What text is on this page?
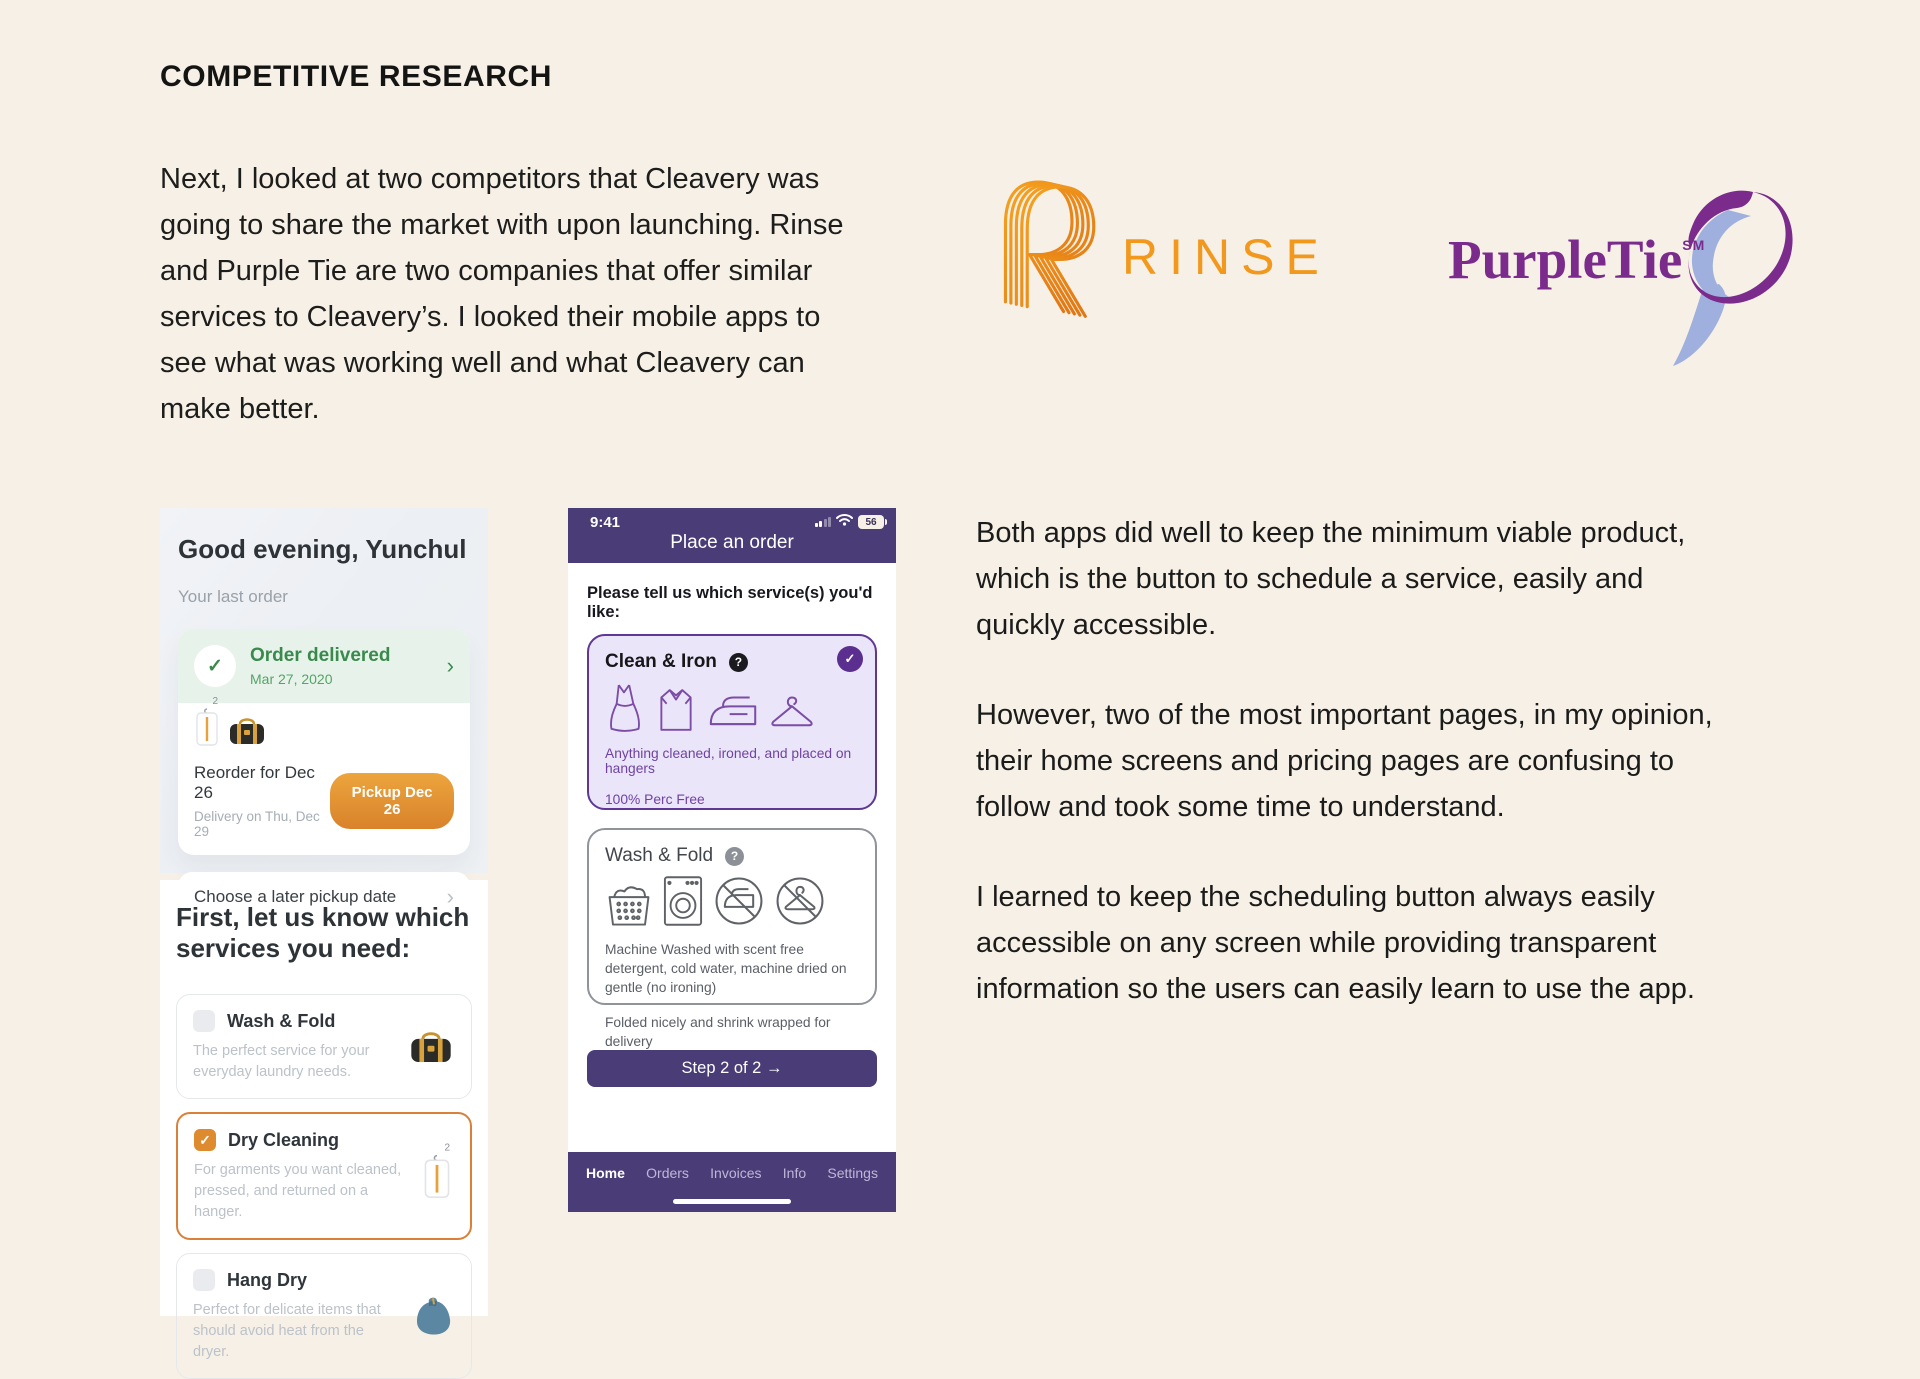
COMPETITIVE RESEARCH
Next, I looked at two competitors that Cleavery was
going to share the market with upon launching. Rinse
and Purple Tie are two companies that offer similar
services to Cleavery’s. I looked their mobile apps to
see what was working well and what Cleavery can
make better.
RINSE PurpleTie℠
Good evening, Yunchul
Your last order
✓	Order delivered
Mar 27, 2020
›
2
Reorder for Dec 26
Delivery on Thu, Dec 29
Pickup Dec 26
Choose a later pickup date ›
First, let us know which
services you need:
Wash & Fold
The perfect service for your everyday laundry needs.
✓ Dry Cleaning
For garments you want cleaned, pressed, and returned on a hanger.
2
Hang Dry
Perfect for delicate items that should avoid heat from the dryer.
9:41	56
Place an order
Please tell us which service(s) you'd like:
Clean & Iron	?	✓
Anything cleaned, ironed, and placed on hangers
100% Perc Free
Wash & Fold	?
Machine Washed with scent free detergent, cold water, machine dried on gentle (no ironing)
Folded nicely and shrink wrapped for delivery
Step 2 of 2 →
Home Orders Invoices Info Settings
Both apps did well to keep the minimum viable product,
which is the button to schedule a service, easily and
quickly accessible.
However, two of the most important pages, in my opinion,
their home screens and pricing pages are confusing to
follow and took some time to understand.
I learned to keep the scheduling button always easily
accessible on any screen while providing transparent
information so the users can easily learn to use the app.
